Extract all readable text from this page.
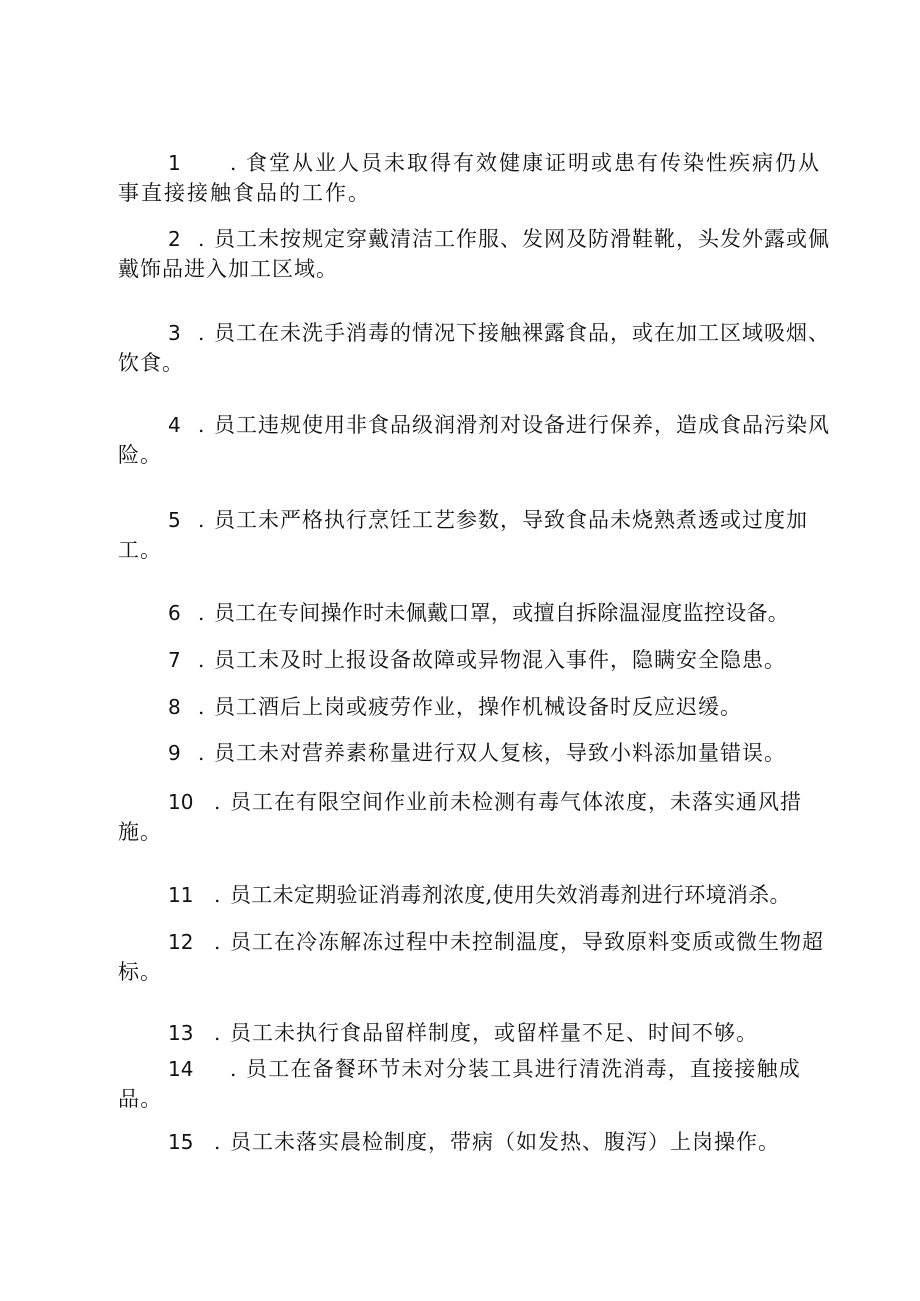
1 . 食堂从业人员未取得有效健康证明或患有传染性疾病仍从事直接接触食品的工作。

2 . 员工未按规定穿戴清洁工作服、发网及防滑鞋靴，头发外露或佩戴饰品进入加工区域。

3 . 员工在未洗手消毒的情况下接触裸露食品，或在加工区域吸烟、饮食。

4 . 员工违规使用非食品级润滑剂对设备进行保养，造成食品污染风险。

5 . 员工未严格执行烹饪工艺参数，导致食品未烧熟煮透或过度加工。

6 . 员工在专间操作时未佩戴口罩，或擅自拆除温湿度监控设备。

7 . 员工未及时上报设备故障或异物混入事件，隐瞒安全隐患。

8 . 员工酒后上岗或疲劳作业，操作机械设备时反应迟缓。

9 . 员工未对营养素称量进行双人复核，导致小料添加量错误。

10 . 员工在有限空间作业前未检测有毒气体浓度，未落实通风措施。

11 . 员工未定期验证消毒剂浓度,使用失效消毒剂进行环境消杀。

12 . 员工在冷冻解冻过程中未控制温度，导致原料变质或微生物超标。

13 . 员工未执行食品留样制度，或留样量不足、时间不够。

14 . 员工在备餐环节未对分装工具进行清洗消毒，直接接触成品。

15 . 员工未落实晨检制度，带病（如发热、腹泻）上岗操作。
